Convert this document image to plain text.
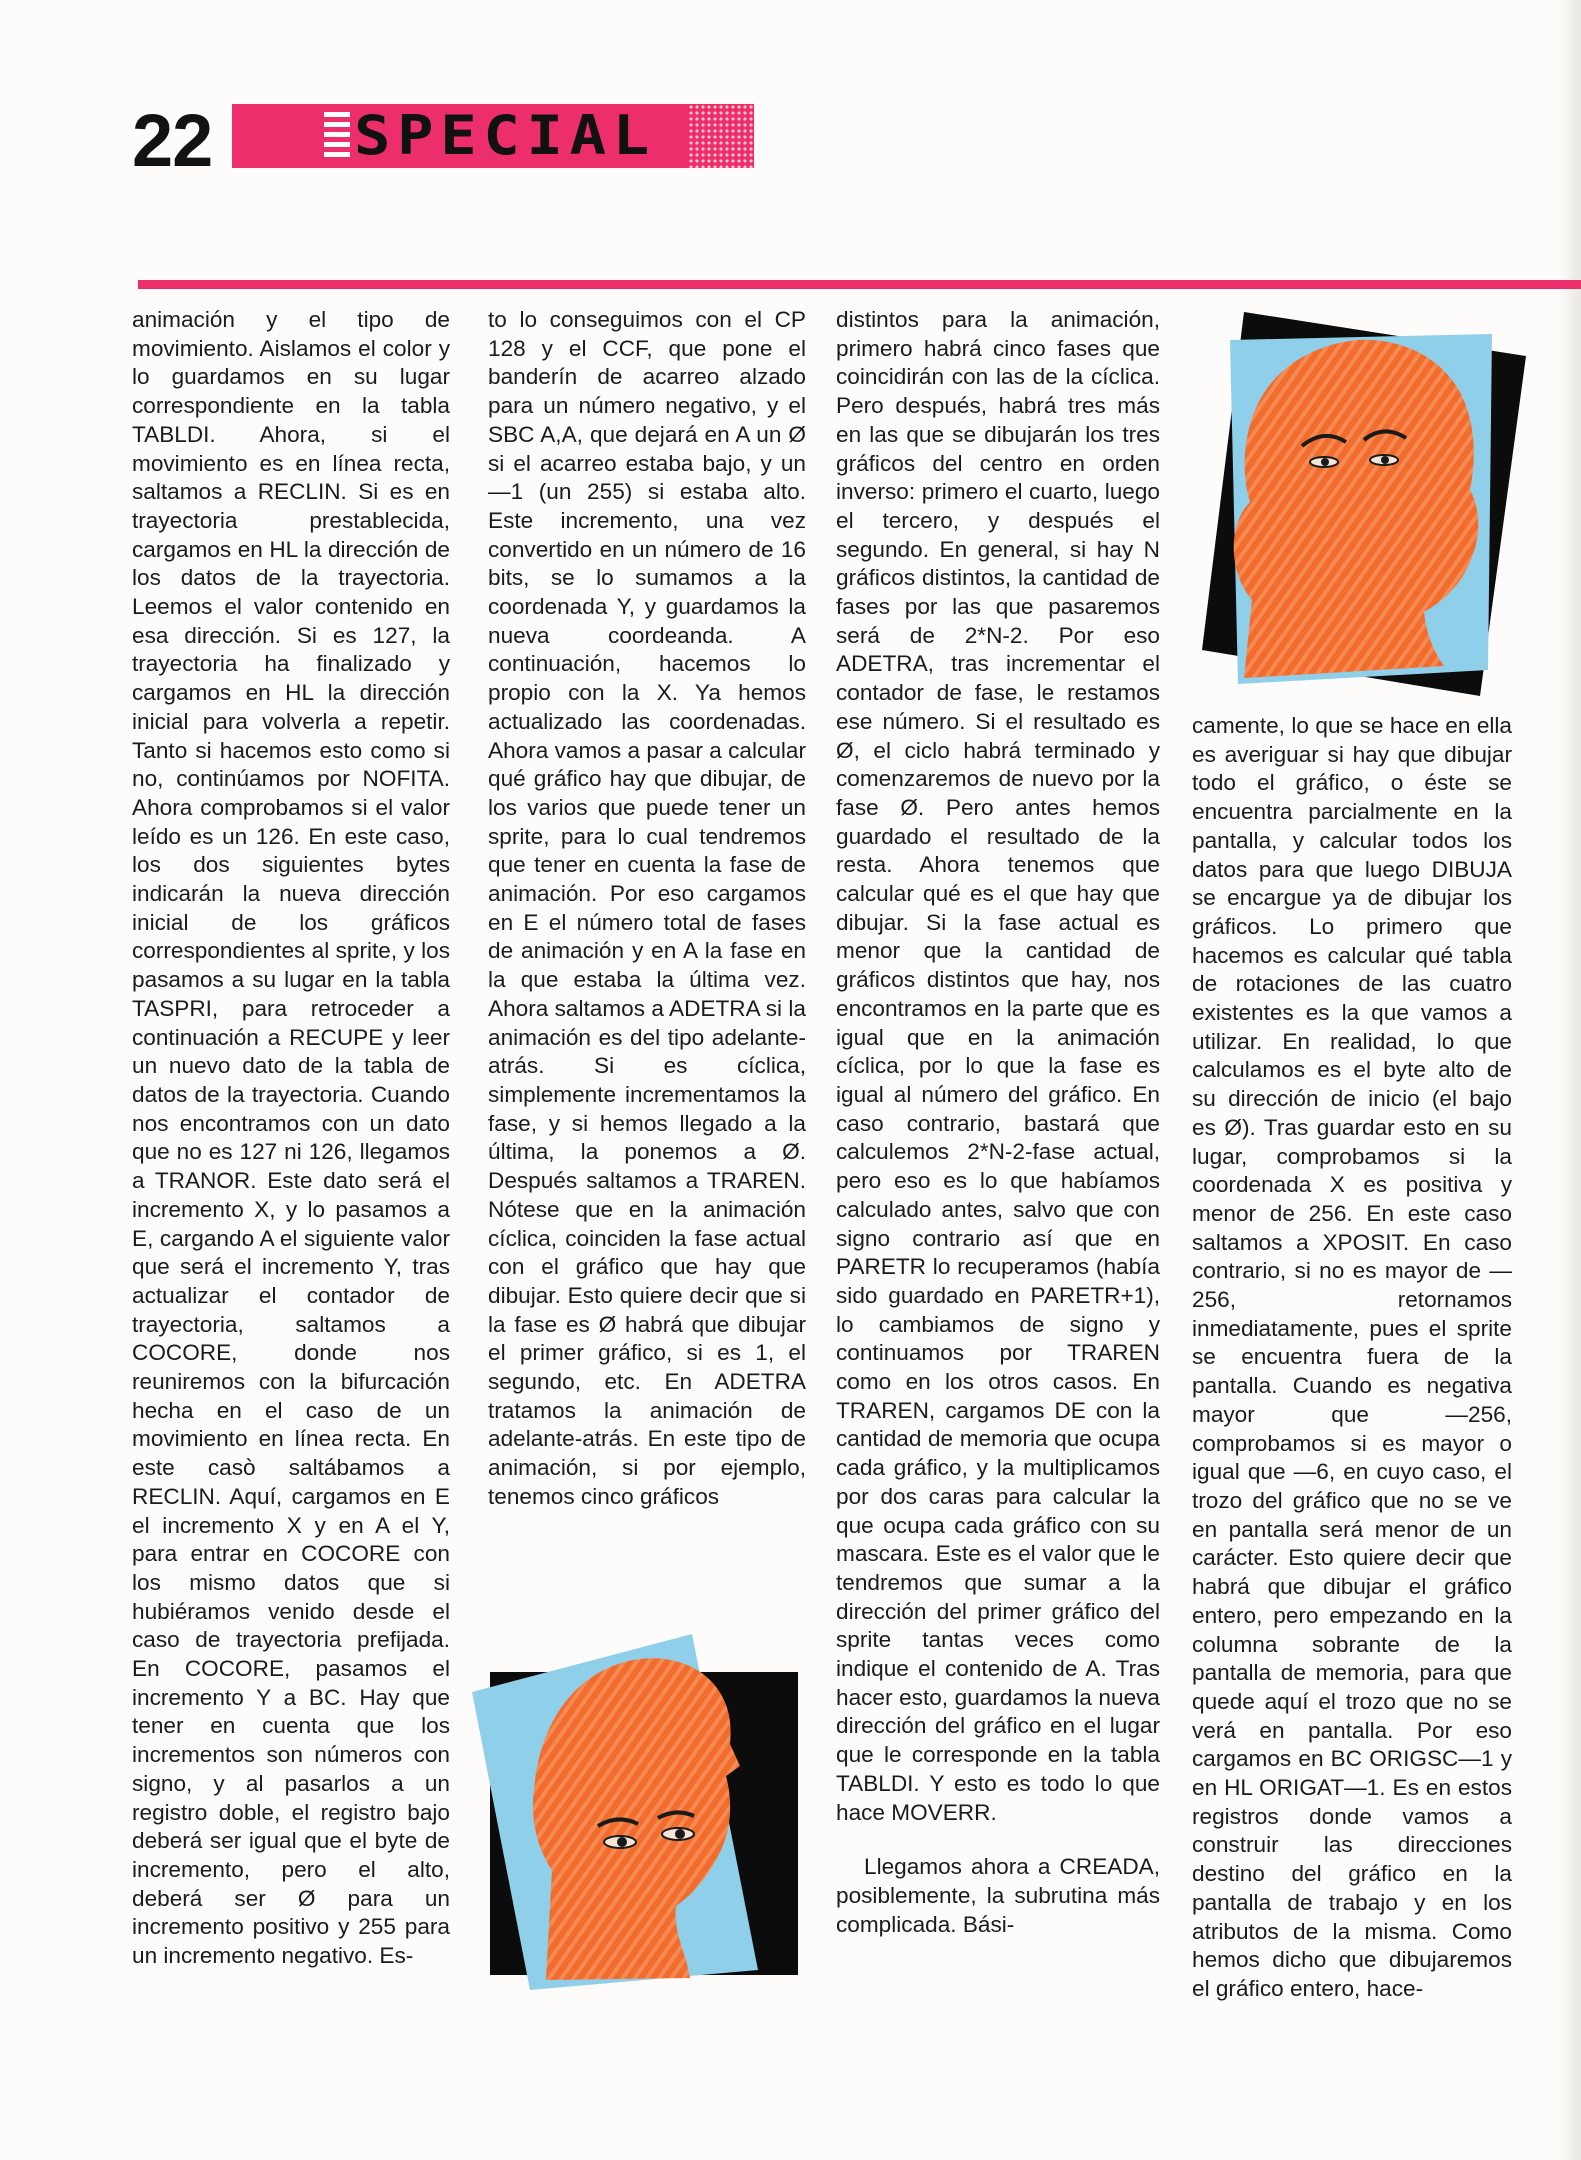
22	SPECIAL

animación y el tipo de movimiento. Aislamos el color y lo guardamos en su lugar correspondiente en la tabla TABLDI. Ahora, si el movimiento es en línea recta, saltamos a RECLIN. Si es en trayectoria prestablecida, cargamos en HL la dirección de los datos de la trayectoria. Leemos el valor contenido en esa dirección. Si es 127, la trayectoria ha finalizado y cargamos en HL la dirección inicial para volverla a repetir. Tanto si hacemos esto como si no, continúamos por NOFITA. Ahora comprobamos si el valor leído es un 126. En este caso, los dos siguientes bytes indicarán la nueva dirección inicial de los gráficos correspondientes al sprite, y los pasamos a su lugar en la tabla TASPRI, para retroceder a continuación a RECUPE y leer un nuevo dato de la tabla de datos de la trayectoria. Cuando nos encontramos con un dato que no es 127 ni 126, llegamos a TRANOR. Este dato será el incremento X, y lo pasamos a E, cargando A el siguiente valor que será el incremento Y, tras actualizar el contador de trayectoria, saltamos a COCORE, donde nos reuniremos con la bifurcación hecha en el caso de un movimiento en línea recta. En este casò saltábamos a RECLIN. Aquí, cargamos en E el incremento X y en A el Y, para entrar en COCORE con los mismo datos que si hubiéramos venido desde el caso de trayectoria prefijada. En COCORE, pasamos el incremento Y a BC. Hay que tener en cuenta que los incrementos son números con signo, y al pasarlos a un registro doble, el registro bajo deberá ser igual que el byte de incremento, pero el alto, deberá ser Ø para un incremento positivo y 255 para un incremento negativo. Es-

to lo conseguimos con el CP 128 y el CCF, que pone el banderín de acarreo alzado para un número negativo, y el SBC A,A, que dejará en A un Ø si el acarreo estaba bajo, y un —1 (un 255) si estaba alto. Este incremento, una vez convertido en un número de 16 bits, se lo sumamos a la coordenada Y, y guardamos la nueva coordeanda. A continuación, hacemos lo propio con la X. Ya hemos actualizado las coordenadas. Ahora vamos a pasar a calcular qué gráfico hay que dibujar, de los varios que puede tener un sprite, para lo cual tendremos que tener en cuenta la fase de animación. Por eso cargamos en E el número total de fases de animación y en A la fase en la que estaba la última vez. Ahora saltamos a ADETRA si la animación es del tipo adelante-atrás. Si es cíclica, simplemente incrementamos la fase, y si hemos llegado a la última, la ponemos a Ø. Después saltamos a TRAREN. Nótese que en la animación cíclica, coinciden la fase actual con el gráfico que hay que dibujar. Esto quiere decir que si la fase es Ø habrá que dibujar el primer gráfico, si es 1, el segundo, etc. En ADETRA tratamos la animación de adelante-atrás. En este tipo de animación, si por ejemplo, tenemos cinco gráficos

distintos para la animación, primero habrá cinco fases que coincidirán con las de la cíclica. Pero después, habrá tres más en las que se dibujarán los tres gráficos del centro en orden inverso: primero el cuarto, luego el tercero, y después el segundo. En general, si hay N gráficos distintos, la cantidad de fases por las que pasaremos será de 2*N-2. Por eso ADETRA, tras incrementar el contador de fase, le restamos ese número. Si el resultado es Ø, el ciclo habrá terminado y comenzaremos de nuevo por la fase Ø. Pero antes hemos guardado el resultado de la resta. Ahora tenemos que calcular qué es el que hay que dibujar. Si la fase actual es menor que la cantidad de gráficos distintos que hay, nos encontramos en la parte que es igual que en la animación cíclica, por lo que la fase es igual al número del gráfico. En caso contrario, bastará que calculemos 2*N-2-fase actual, pero eso es lo que habíamos calculado antes, salvo que con signo contrario así que en PARETR lo recuperamos (había sido guardado en PARETR+1), lo cambiamos de signo y continuamos por TRAREN como en los otros casos. En TRAREN, cargamos DE con la cantidad de memoria que ocupa cada gráfico, y la multiplicamos por dos caras para calcular la que ocupa cada gráfico con su mascara. Este es el valor que le tendremos que sumar a la dirección del primer gráfico del sprite tantas veces como indique el contenido de A. Tras hacer esto, guardamos la nueva dirección del gráfico en el lugar que le corresponde en la tabla TABLDI. Y esto es todo lo que hace MOVERR.

Llegamos ahora a CREADA, posiblemente, la subrutina más complicada. Bási-

camente, lo que se hace en ella es averiguar si hay que dibujar todo el gráfico, o éste se encuentra parcialmente en la pantalla, y calcular todos los datos para que luego DIBUJA se encargue ya de dibujar los gráficos. Lo primero que hacemos es calcular qué tabla de rotaciones de las cuatro existentes es la que vamos a utilizar. En realidad, lo que calculamos es el byte alto de su dirección de inicio (el bajo es Ø). Tras guardar esto en su lugar, comprobamos si la coordenada X es positiva y menor de 256. En este caso saltamos a XPOSIT. En caso contrario, si no es mayor de —256, retornamos inmediatamente, pues el sprite se encuentra fuera de la pantalla. Cuando es negativa mayor que —256, comprobamos si es mayor o igual que —6, en cuyo caso, el trozo del gráfico que no se ve en pantalla será menor de un carácter. Esto quiere decir que habrá que dibujar el gráfico entero, pero empezando en la columna sobrante de la pantalla de memoria, para que quede aquí el trozo que no se verá en pantalla. Por eso cargamos en BC ORIGSC—1 y en HL ORIGAT—1. Es en estos registros donde vamos a construir las direcciones destino del gráfico en la pantalla de trabajo y en los atributos de la misma. Como hemos dicho que dibujaremos el gráfico entero, hace-
